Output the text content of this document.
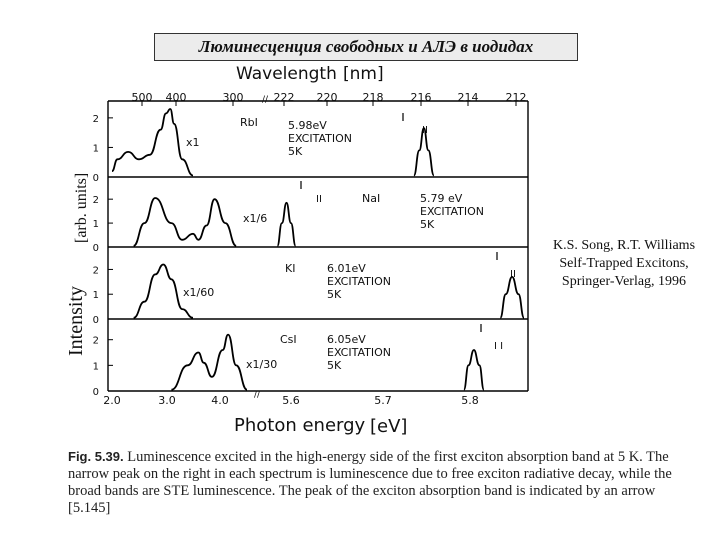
Люминесценция свободных и АЛЭ в иодидах
Wavelength [nm]
Photon energy [eV]
Intensity
[arb. units]
500 400	300	222 220 218 216 214 212
//
2.0	3.0	4.0	5.6	5.7	5.8
//
0
1
2
0
1
2
0
1
2
0
1
2
RbI	5.98eV
EXCITATION
5K
x1
II
NaI	5.79 eV
EXCITATION
5K
x1/6
II
KI	6.01eV
EXCITATION
5K
x1/60
II
CsI	6.05eV
EXCITATION
5K
x1/30
I I
K.S. Song, R.T. Williams
Self-Trapped Excitons,
Springer-Verlag, 1996
Fig. 5.39. Luminescence excited in the high-energy side of the first exciton absorption band at 5 K. The narrow peak on the right in each spectrum is luminescence due to free exciton radiative decay, while the broad bands are STE luminescence. The peak of the exciton absorption band is indicated by an arrow [5.145]
